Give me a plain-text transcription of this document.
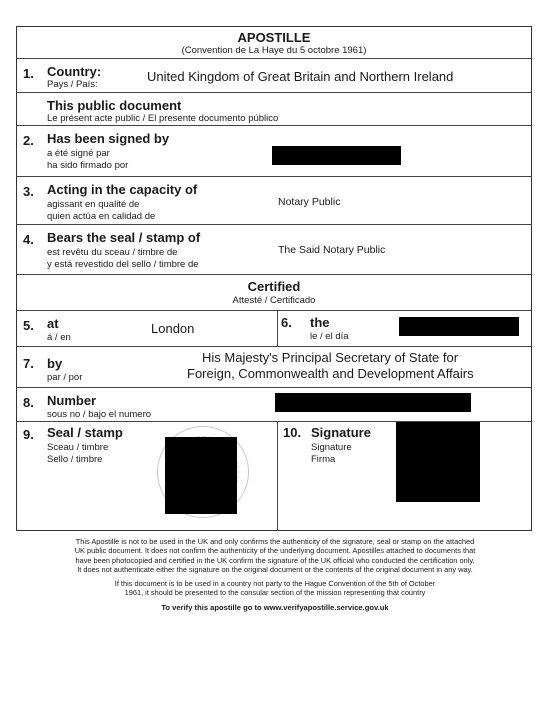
APOSTILLE
(Convention de La Haye du 5 octobre 1961)
1. Country:
Pays / País:
United Kingdom of Great Britain and Northern Ireland
This public document
Le présent acte public / El presente documento público
2. Has been signed by
a été signé par
ha sido firmado por
3. Acting in the capacity of
agissant en qualité de
quien actúa en calidad de
Notary Public
4. Bears the seal / stamp of
est revêtu du sceau / timbre de
y está revestido del sello / timbre de
The Said Notary Public
Certified
Attesté / Certificado
5. at
á / en
London	6. the
le / el día
7. by
par / por
His Majesty's Principal Secretary of State for
Foreign, Commonwealth and Development Affairs
8. Number
sous no / bajo el numero
9. Seal / stamp
Sceau / timbre
Sello / timbre
10. Signature
Signature
Firma
This Apostille is not to be used in the UK and only confirms the authenticity of the signature, seal or stamp on the attached
UK public document. It does not confirm the authenticity of the underlying document. Apostilles attached to documents that
have been photocopied and certified in the UK confirm the signature of the UK official who conducted the certification only.
It does not authenticate either the signature on the original document or the contents of the original document in any way.
If this document is to be used in a country not party to the Hague Convention of the 5th of October
1961, it should be presented to the consular section of the mission representing that country
To verify this apostille go to www.verifyapostille.service.gov.uk
